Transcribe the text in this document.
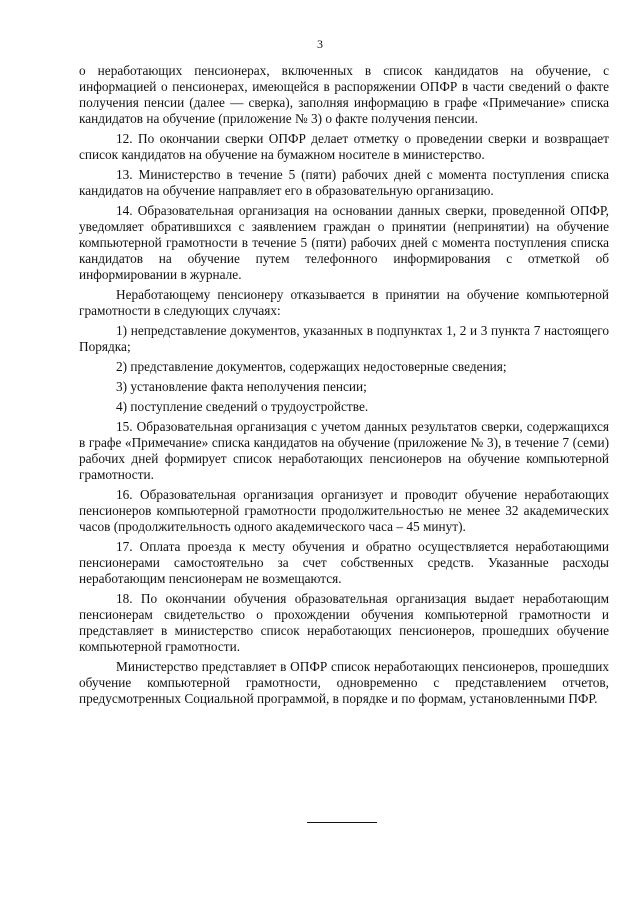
3

о неработающих пенсионерах, включенных в список кандидатов на обучение, с информацией о пенсионерах, имеющейся в распоряжении ОПФР в части сведений о факте получения пенсии (далее — сверка), заполняя информацию в графе «Примечание» списка кандидатов на обучение (приложение № 3) о факте получения пенсии.

12. По окончании сверки ОПФР делает отметку о проведении сверки и возвращает список кандидатов на обучение на бумажном носителе в министерство.

13. Министерство в течение 5 (пяти) рабочих дней с момента поступления списка кандидатов на обучение направляет его в образовательную организацию.

14. Образовательная организация на основании данных сверки, проведенной ОПФР, уведомляет обратившихся с заявлением граждан о принятии (непринятии) на обучение компьютерной грамотности в течение 5 (пяти) рабочих дней с момента поступления списка кандидатов на обучение путем телефонного информирования с отметкой об информировании в журнале.

Неработающему пенсионеру отказывается в принятии на обучение компьютерной грамотности в следующих случаях:

1) непредставление документов, указанных в подпунктах 1, 2 и 3 пункта 7 настоящего Порядка;

2) представление документов, содержащих недостоверные сведения;

3) установление факта неполучения пенсии;

4) поступление сведений о трудоустройстве.

15. Образовательная организация с учетом данных результатов сверки, содержащихся в графе «Примечание» списка кандидатов на обучение (приложение № 3), в течение 7 (семи) рабочих дней формирует список неработающих пенсионеров на обучение компьютерной грамотности.

16. Образовательная организация организует и проводит обучение неработающих пенсионеров компьютерной грамотности продолжительностью не менее 32 академических часов (продолжительность одного академического часа – 45 минут).

17. Оплата проезда к месту обучения и обратно осуществляется неработающими пенсионерами самостоятельно за счет собственных средств. Указанные расходы неработающим пенсионерам не возмещаются.

18. По окончании обучения образовательная организация выдает неработающим пенсионерам свидетельство о прохождении обучения компьютерной грамотности и представляет в министерство список неработающих пенсионеров, прошедших обучение компьютерной грамотности.

Министерство представляет в ОПФР список неработающих пенсионеров, прошедших обучение компьютерной грамотности, одновременно с представлением отчетов, предусмотренных Социальной программой, в порядке и по формам, установленными ПФР.
